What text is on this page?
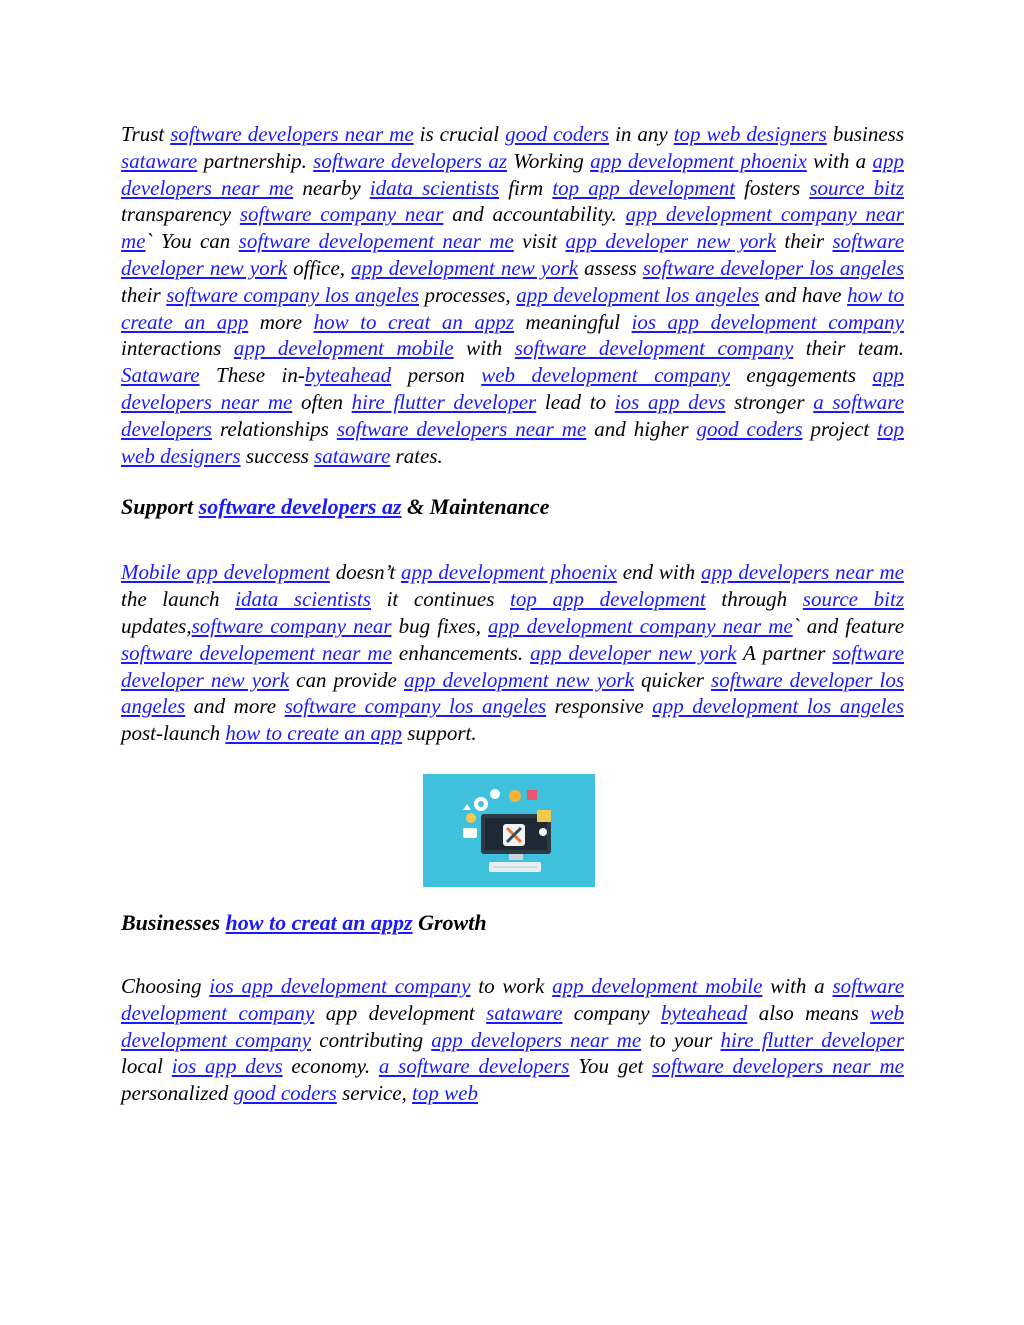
Trust software developers near me is crucial good coders in any top web designers business sataware partnership. software developers az Working app development phoenix with a app developers near me nearby idata scientists firm top app development fosters source bitz transparency software company near and accountability. app development company near me` You can software developement near me visit app developer new york their software developer new york office, app development new york assess software developer los angeles their software company los angeles processes, app development los angeles and have how to create an app more how to creat an appz meaningful ios app development company interactions app development mobile with software development company their team. Sataware These in-byteahead person web development company engagements app developers near me often hire flutter developer lead to ios app devs stronger a software developers relationships software developers near me and higher good coders project top web designers success sataware rates.

Support software developers az & Maintenance

Mobile app development doesn’t app development phoenix end with app developers near me the launch idata scientists it continues top app development through source bitz updates,software company near bug fixes, app development company near me` and feature software developement near me enhancements. app developer new york A partner software developer new york can provide app development new york quicker software developer los angeles and more software company los angeles responsive app development los angeles post-launch how to create an app support.

Businesses how to creat an appz Growth

Choosing ios app development company to work app development mobile with a software development company app development sataware company byteahead also means web development company contributing app developers near me to your hire flutter developer local ios app devs economy. a software developers You get software developers near me personalized good coders service, top web
